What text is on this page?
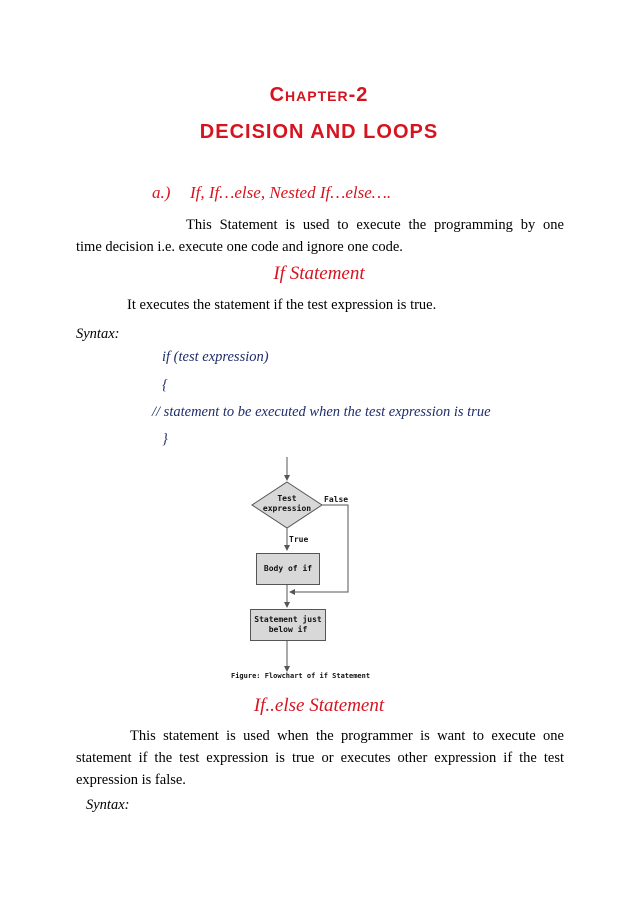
Chapter-2
DECISION AND LOOPS
a.) If, If…else, Nested If…else….
This Statement is used to execute the programming by one
time decision i.e. execute one code and ignore one code.
If Statement
It executes the statement if the test expression is true.
Syntax:
if (test expression)
{
// statement to be executed when the test expression is true
}
Test
expression
False
True
Body of if
Statement just
below if
Figure: Flowchart of if Statement
If..else Statement
This statement is used when the programmer is want to execute one
statement if the test expression is true or executes other expression if the test
expression is false.
Syntax:
